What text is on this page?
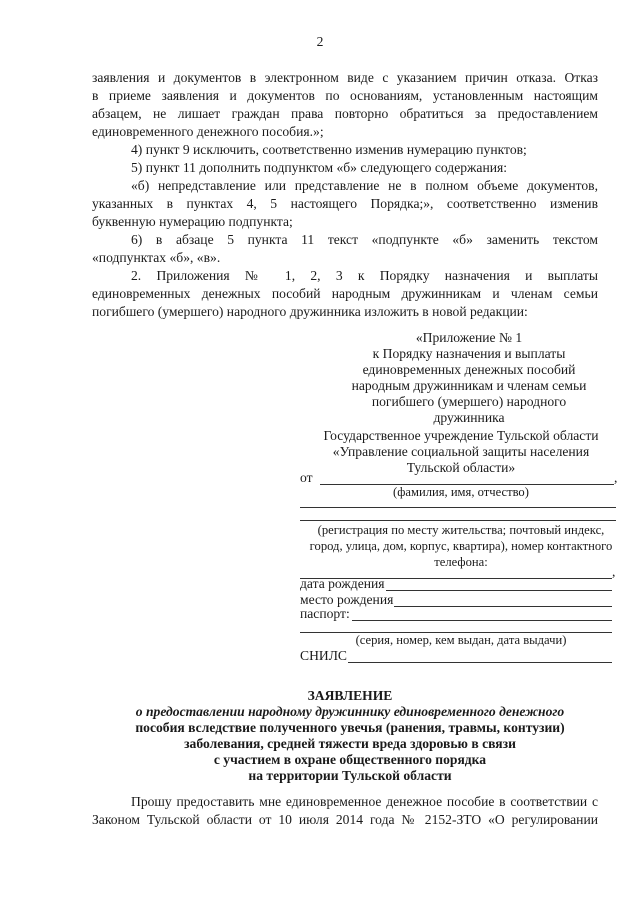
2
заявления и документов в электронном виде с указанием причин отказа. Отказ
в приеме заявления и документов по основаниям, установленным настоящим
абзацем, не лишает граждан права повторно обратиться за предоставлением
единовременного денежного пособия.»;
4) пункт 9 исключить, соответственно изменив нумерацию пунктов;
5) пункт 11 дополнить подпунктом «б» следующего содержания:
«б) непредставление или представление не в полном объеме документов,
указанных в пунктах 4, 5 настоящего Порядка;», соответственно изменив
буквенную нумерацию подпункта;
6) в абзаце 5 пункта 11 текст «подпункте «б» заменить текстом
«подпунктах «б», «в».
2. Приложения № 1, 2, 3 к Порядку назначения и выплаты
единовременных денежных пособий народным дружинникам и членам семьи
погибшего (умершего) народного дружинника изложить в новой редакции:
«Приложение № 1
к Порядку назначения и выплаты
единовременных денежных пособий
народным дружинникам и членам семьи
погибшего (умершего) народного
дружинника
Государственное учреждение Тульской области
«Управление социальной защиты населения
Тульской области»
от	,
(фамилия, имя, отчество)
(регистрация по месту жительства; почтовый индекс,
город, улица, дом, корпус, квартира), номер контактного
телефона:
,
дата рождения
место рождения
паспорт:
(серия, номер, кем выдан, дата выдачи)
СНИЛС
ЗАЯВЛЕНИЕ
о предоставлении народному дружиннику единовременного денежного
пособия вследствие полученного увечья (ранения, травмы, контузии)
заболевания, средней тяжести вреда здоровью в связи
с участием в охране общественного порядка
на территории Тульской области
Прошу предоставить мне единовременное денежное пособие в соответствии с
Законом Тульской области от 10 июля 2014 года № 2152-ЗТО «О регулировании
